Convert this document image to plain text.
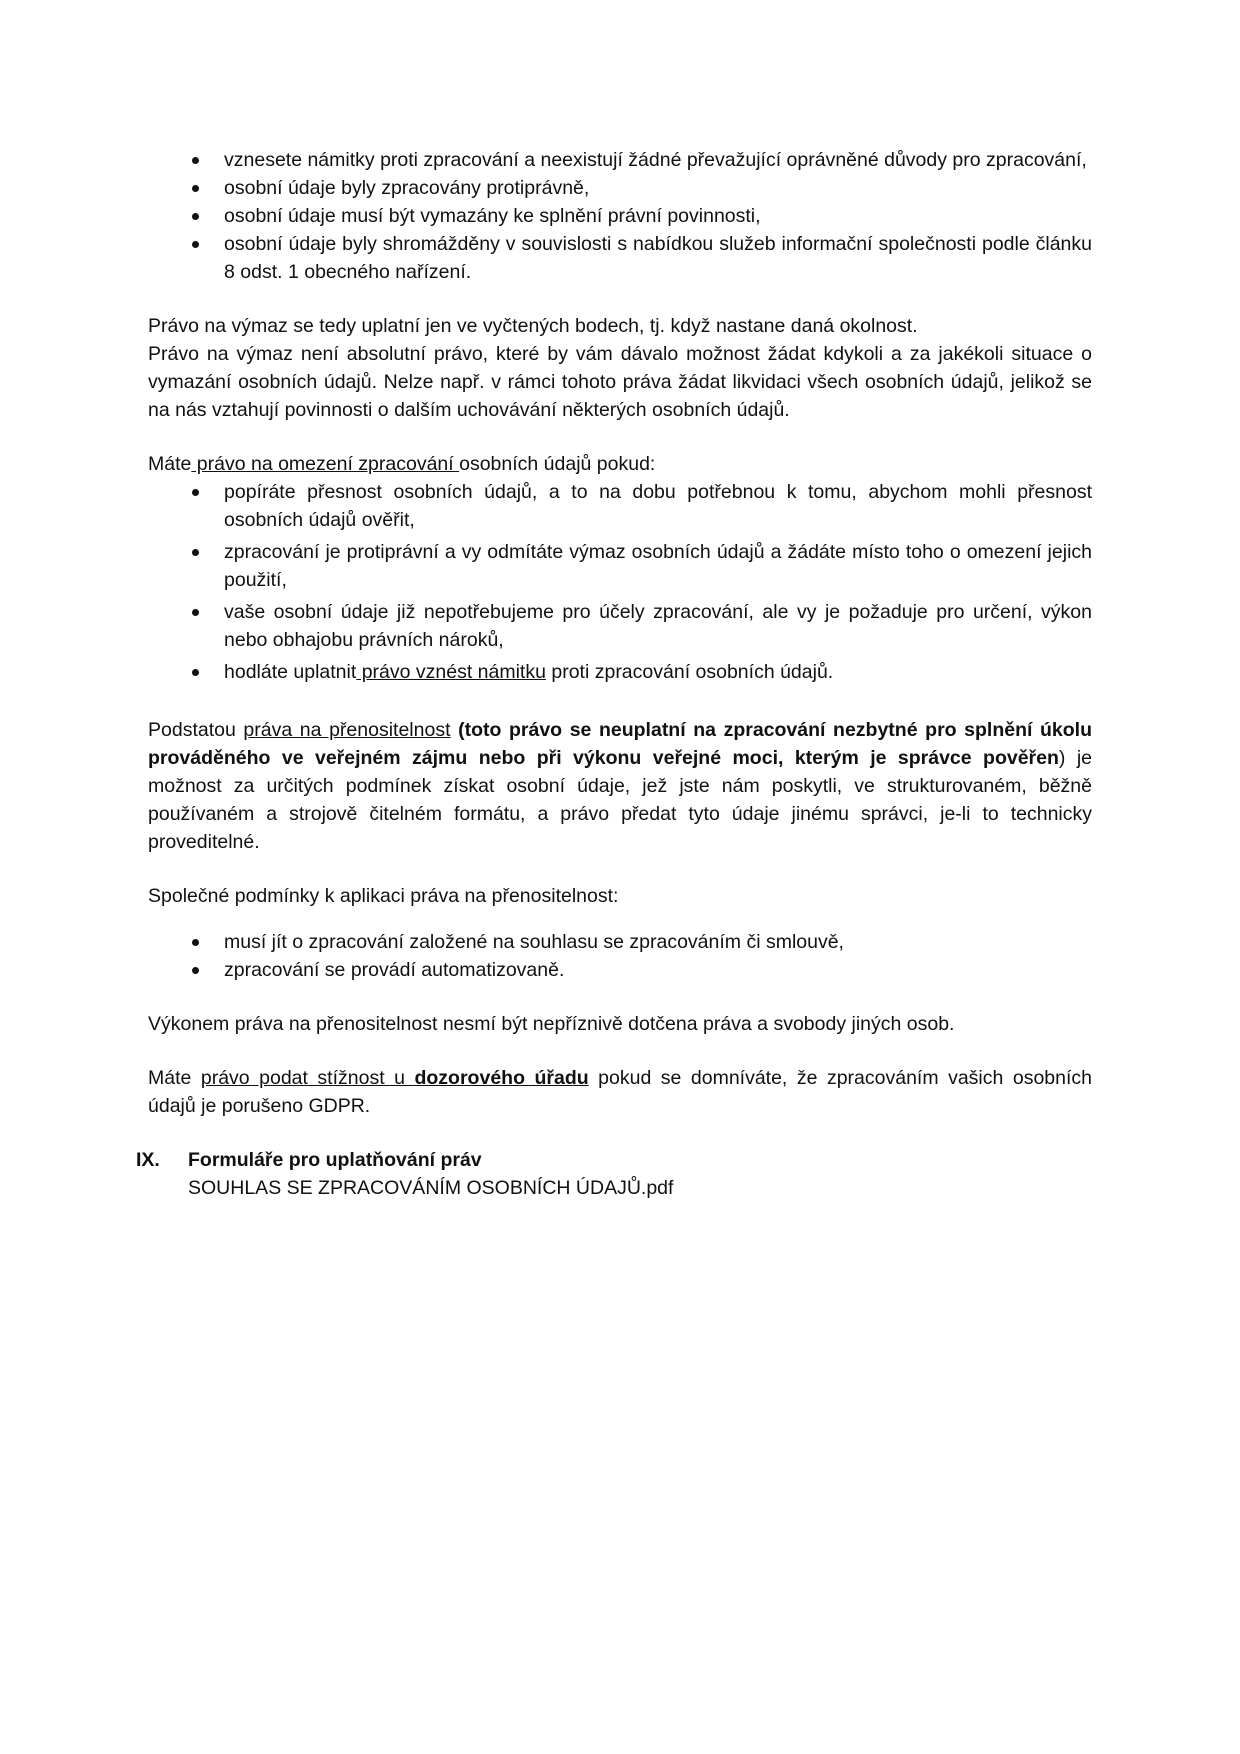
vznesete námitky proti zpracování a neexistují žádné převažující oprávněné důvody pro zpracování,
osobní údaje byly zpracovány protiprávně,
osobní údaje musí být vymazány ke splnění právní povinnosti,
osobní údaje byly shromážděny v souvislosti s nabídkou služeb informační společnosti podle článku 8 odst. 1 obecného nařízení.

Právo na výmaz se tedy uplatní jen ve vyčtených bodech, tj. když nastane daná okolnost.

Právo na výmaz není absolutní právo, které by vám dávalo možnost žádat kdykoli a za jakékoli situace o vymazání osobních údajů. Nelze např. v rámci tohoto práva žádat likvidaci všech osobních údajů, jelikož se na nás vztahují povinnosti o dalším uchovávání některých osobních údajů.

Máte právo na omezení zpracování osobních údajů pokud:

popíráte přesnost osobních údajů, a to na dobu potřebnou k tomu, abychom mohli přesnost osobních údajů ověřit,
zpracování je protiprávní a vy odmítáte výmaz osobních údajů a žádáte místo toho o omezení jejich použití,
vaše osobní údaje již nepotřebujeme pro účely zpracování, ale vy je požaduje pro určení, výkon nebo obhajobu právních nároků,
hodláte uplatnit právo vznést námitku proti zpracování osobních údajů.

Podstatou práva na přenositelnost (toto právo se neuplatní na zpracování nezbytné pro splnění úkolu prováděného ve veřejném zájmu nebo při výkonu veřejné moci, kterým je správce pověřen) je možnost za určitých podmínek získat osobní údaje, jež jste nám poskytli, ve strukturovaném, běžně používaném a strojově čitelném formátu, a právo předat tyto údaje jinému správci, je-li to technicky proveditelné.

Společné podmínky k aplikaci práva na přenositelnost:

musí jít o zpracování založené na souhlasu se zpracováním či smlouvě,
zpracování se provádí automatizovaně.

Výkonem práva na přenositelnost nesmí být nepříznivě dotčena práva a svobody jiných osob.

Máte právo podat stížnost u dozorového úřadu pokud se domníváte, že zpracováním vašich osobních údajů je porušeno GDPR.

IX. Formuláře pro uplatňování práv
SOUHLAS SE ZPRACOVÁNÍM OSOBNÍCH ÚDAJŮ.pdf
